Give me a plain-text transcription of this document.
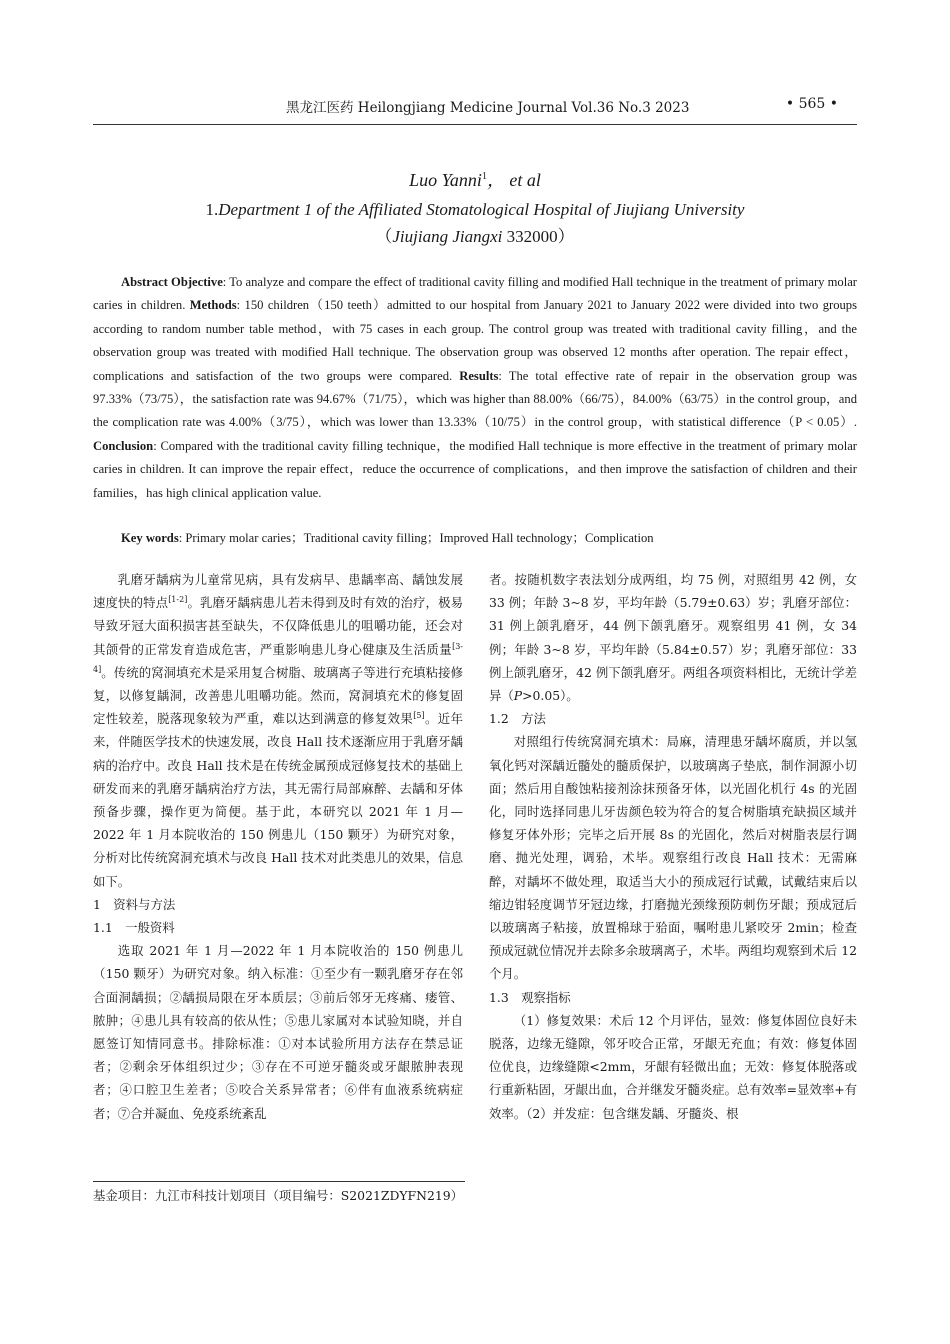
黑龙江医药 Heilongjiang Medicine Journal Vol.36 No.3 2023	• 565 •
Luo Yanni$^1$， et al
1.Department 1 of the Affiliated Stomatological Hospital of Jiujiang University
（Jiujiang Jiangxi 332000）

Abstract Objective: To analyze and compare the effect of traditional cavity filling and modified Hall technique in the treatment of primary molar caries in children. Methods: 150 children（150 teeth）admitted to our hospital from January 2021 to January 2022 were divided into two groups according to random number table method，with 75 cases in each group. The control group was treated with traditional cavity filling，and the observation group was treated with modified Hall technique. The observation group was observed 12 months after operation. The repair effect，complications and satisfaction of the two groups were compared. Results: The total effective rate of repair in the observation group was 97.33%（73/75），the satisfaction rate was 94.67%（71/75），which was higher than 88.00%（66/75），84.00%（63/75）in the control group，and the complication rate was 4.00%（3/75），which was lower than 13.33%（10/75）in the control group，with statistical difference（P < 0.05）. Conclusion: Compared with the traditional cavity filling technique，the modified Hall technique is more effective in the treatment of primary molar caries in children. It can improve the repair effect，reduce the occurrence of complications，and then improve the satisfaction of children and their families，has high clinical application value.

Key words: Primary molar caries；Traditional cavity filling；Improved Hall technology；Complication

乳磨牙龋病为儿童常见病，具有发病早、患龋率高、龋蚀发展速度快的特点[1-2]。乳磨牙龋病患儿若未得到及时有效的治疗，极易导致牙冠大面积损害甚至缺失，不仅降低患儿的咀嚼功能，还会对其颌骨的正常发育造成危害，严重影响患儿身心健康及生活质量[3-4]。传统的窝洞填充术是采用复合树脂、玻璃离子等进行充填粘接修复，以修复龋洞，改善患儿咀嚼功能。然而，窝洞填充术的修复固定性较差，脱落现象较为严重，难以达到满意的修复效果[5]。近年来，伴随医学技术的快速发展，改良 Hall 技术逐渐应用于乳磨牙龋病的治疗中。改良 Hall 技术是在传统金属预成冠修复技术的基础上研发而来的乳磨牙龋病治疗方法，其无需行局部麻醉、去龋和牙体预备步骤，操作更为简便。基于此，本研究以 2021 年 1 月—2022 年 1 月本院收治的 150 例患儿（150 颗牙）为研究对象，分析对比传统窝洞充填术与改良 Hall 技术对此类患儿的效果，信息如下。

1　资料与方法

1.1　一般资料

选取 2021 年 1 月—2022 年 1 月本院收治的 150 例患儿（150 颗牙）为研究对象。纳入标准：①至少有一颗乳磨牙存在邻合面洞龋损；②龋损局限在牙本质层；③前后邻牙无疼痛、瘘管、脓肿；④患儿具有较高的依从性；⑤患儿家属对本试验知晓，并自愿签订知情同意书。排除标准：①对本试验所用方法存在禁忌证者；②剩余牙体组织过少；③存在不可逆牙髓炎或牙龈脓肿表现者；④口腔卫生差者；⑤咬合关系异常者；⑥伴有血液系统病症者；⑦合并凝血、免疫系统紊乱

者。按随机数字表法划分成两组，均 75 例，对照组男 42 例，女 33 例；年龄 3~8 岁，平均年龄（5.79±0.63）岁；乳磨牙部位：31 例上颌乳磨牙，44 例下颌乳磨牙。观察组男 41 例，女 34 例；年龄 3~8 岁，平均年龄（5.84±0.57）岁；乳磨牙部位：33 例上颌乳磨牙，42 例下颌乳磨牙。两组各项资料相比，无统计学差异（P>0.05）。

1.2　方法

对照组行传统窝洞充填术：局麻，清理患牙龋坏腐质，并以氢氧化钙对深龋近髓处的髓质保护，以玻璃离子垫底，制作洞源小切面；然后用自酸蚀粘接剂涂抹预备牙体，以光固化机行 4s 的光固化，同时选择同患儿牙齿颜色较为符合的复合树脂填充缺损区域并修复牙体外形；完毕之后开展 8s 的光固化，然后对树脂表层行调磨、抛光处理，调𬌗，术毕。观察组行改良 Hall 技术：无需麻醉，对龋坏不做处理，取适当大小的预成冠行试戴，试戴结束后以缩边钳轻度调节牙冠边缘，打磨抛光颈缘预防刺伤牙龈；预成冠后以玻璃离子粘接，放置棉球于𬌗面，嘱咐患儿紧咬牙 2min；检查预成冠就位情况并去除多余玻璃离子，术毕。两组均观察到术后 12 个月。

1.3　观察指标

（1）修复效果：术后 12 个月评估，显效：修复体固位良好未脱落，边缘无缝隙，邻牙咬合正常，牙龈无充血；有效：修复体固位优良，边缘缝隙<2mm，牙龈有轻微出血；无效：修复体脱落或行重新粘固，牙龈出血，合并继发牙髓炎症。总有效率=显效率+有效率。（2）并发症：包含继发龋、牙髓炎、根

基金项目：九江市科技计划项目（项目编号：S2021ZDYFN219）
